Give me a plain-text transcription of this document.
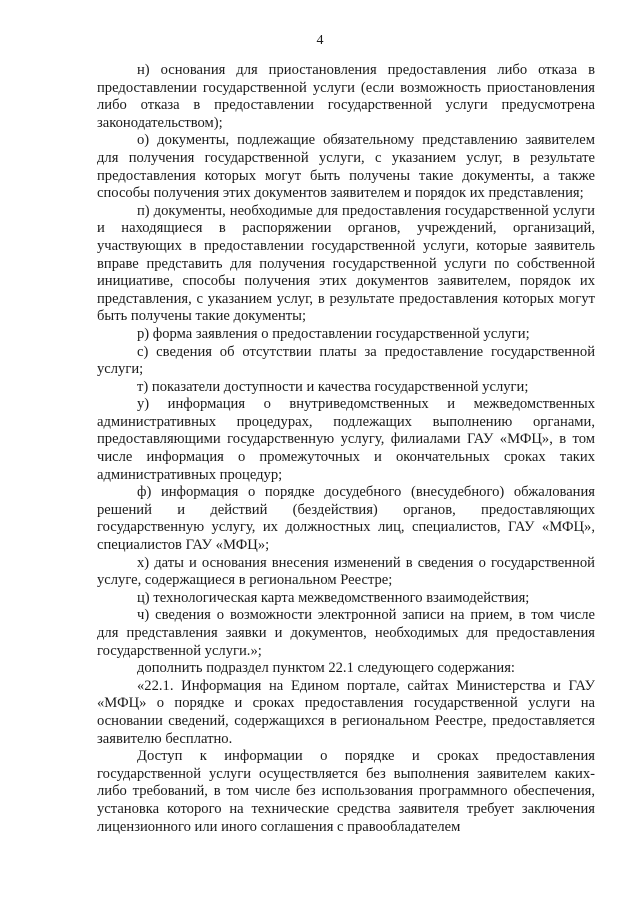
4

н) основания для приостановления предоставления либо отказа в предоставлении государственной услуги (если возможность приостановления либо отказа в предоставлении государственной услуги предусмотрена законодательством);

о) документы, подлежащие обязательному представлению заявителем для получения государственной услуги, с указанием услуг, в результате предоставления которых могут быть получены такие документы, а также способы получения этих документов заявителем и порядок их представления;

п) документы, необходимые для предоставления государственной услуги и находящиеся в распоряжении органов, учреждений, организаций, участвующих в предоставлении государственной услуги, которые заявитель вправе представить для получения государственной услуги по собственной инициативе, способы получения этих документов заявителем, порядок их представления, с указанием услуг, в результате предоставления которых могут быть получены такие документы;

р) форма заявления о предоставлении государственной услуги;

с) сведения об отсутствии платы за предоставление государственной услуги;

т) показатели доступности и качества государственной услуги;

у) информация о внутриведомственных и межведомственных административных процедурах, подлежащих выполнению органами, предоставляющими государственную услугу, филиалами ГАУ «МФЦ», в том числе информация о промежуточных и окончательных сроках таких административных процедур;

ф) информация о порядке досудебного (внесудебного) обжалования решений и действий (бездействия) органов, предоставляющих государственную услугу, их должностных лиц, специалистов, ГАУ «МФЦ», специалистов ГАУ «МФЦ»;

х) даты и основания внесения изменений в сведения о государственной услуге, содержащиеся в региональном Реестре;

ц) технологическая карта межведомственного взаимодействия;

ч) сведения о возможности электронной записи на прием, в том числе для представления заявки и документов, необходимых для предоставления государственной услуги.»;

дополнить подраздел пунктом 22.1 следующего содержания:

«22.1. Информация на Едином портале, сайтах Министерства и ГАУ «МФЦ» о порядке и сроках предоставления государственной услуги на основании сведений, содержащихся в региональном Реестре, предоставляется заявителю бесплатно.

Доступ к информации о порядке и сроках предоставления государственной услуги осуществляется без выполнения заявителем каких-либо требований, в том числе без использования программного обеспечения, установка которого на технические средства заявителя требует заключения лицензионного или иного соглашения с правообладателем
